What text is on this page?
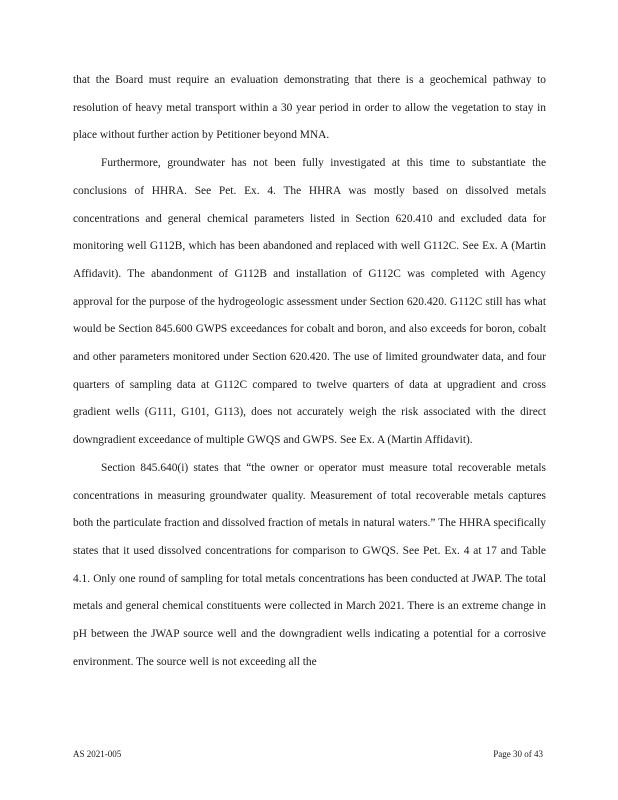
that the Board must require an evaluation demonstrating that there is a geochemical pathway to resolution of heavy metal transport within a 30 year period in order to allow the vegetation to stay in place without further action by Petitioner beyond MNA.

Furthermore, groundwater has not been fully investigated at this time to substantiate the conclusions of HHRA. See Pet. Ex. 4. The HHRA was mostly based on dissolved metals concentrations and general chemical parameters listed in Section 620.410 and excluded data for monitoring well G112B, which has been abandoned and replaced with well G112C. See Ex. A (Martin Affidavit). The abandonment of G112B and installation of G112C was completed with Agency approval for the purpose of the hydrogeologic assessment under Section 620.420. G112C still has what would be Section 845.600 GWPS exceedances for cobalt and boron, and also exceeds for boron, cobalt and other parameters monitored under Section 620.420. The use of limited groundwater data, and four quarters of sampling data at G112C compared to twelve quarters of data at upgradient and cross gradient wells (G111, G101, G113), does not accurately weigh the risk associated with the direct downgradient exceedance of multiple GWQS and GWPS. See Ex. A (Martin Affidavit).

Section 845.640(i) states that “the owner or operator must measure total recoverable metals concentrations in measuring groundwater quality. Measurement of total recoverable metals captures both the particulate fraction and dissolved fraction of metals in natural waters.” The HHRA specifically states that it used dissolved concentrations for comparison to GWQS. See Pet. Ex. 4 at 17 and Table 4.1. Only one round of sampling for total metals concentrations has been conducted at JWAP. The total metals and general chemical constituents were collected in March 2021. There is an extreme change in pH between the JWAP source well and the downgradient wells indicating a potential for a corrosive environment. The source well is not exceeding all the

AS 2021-005	Page 30 of 43
